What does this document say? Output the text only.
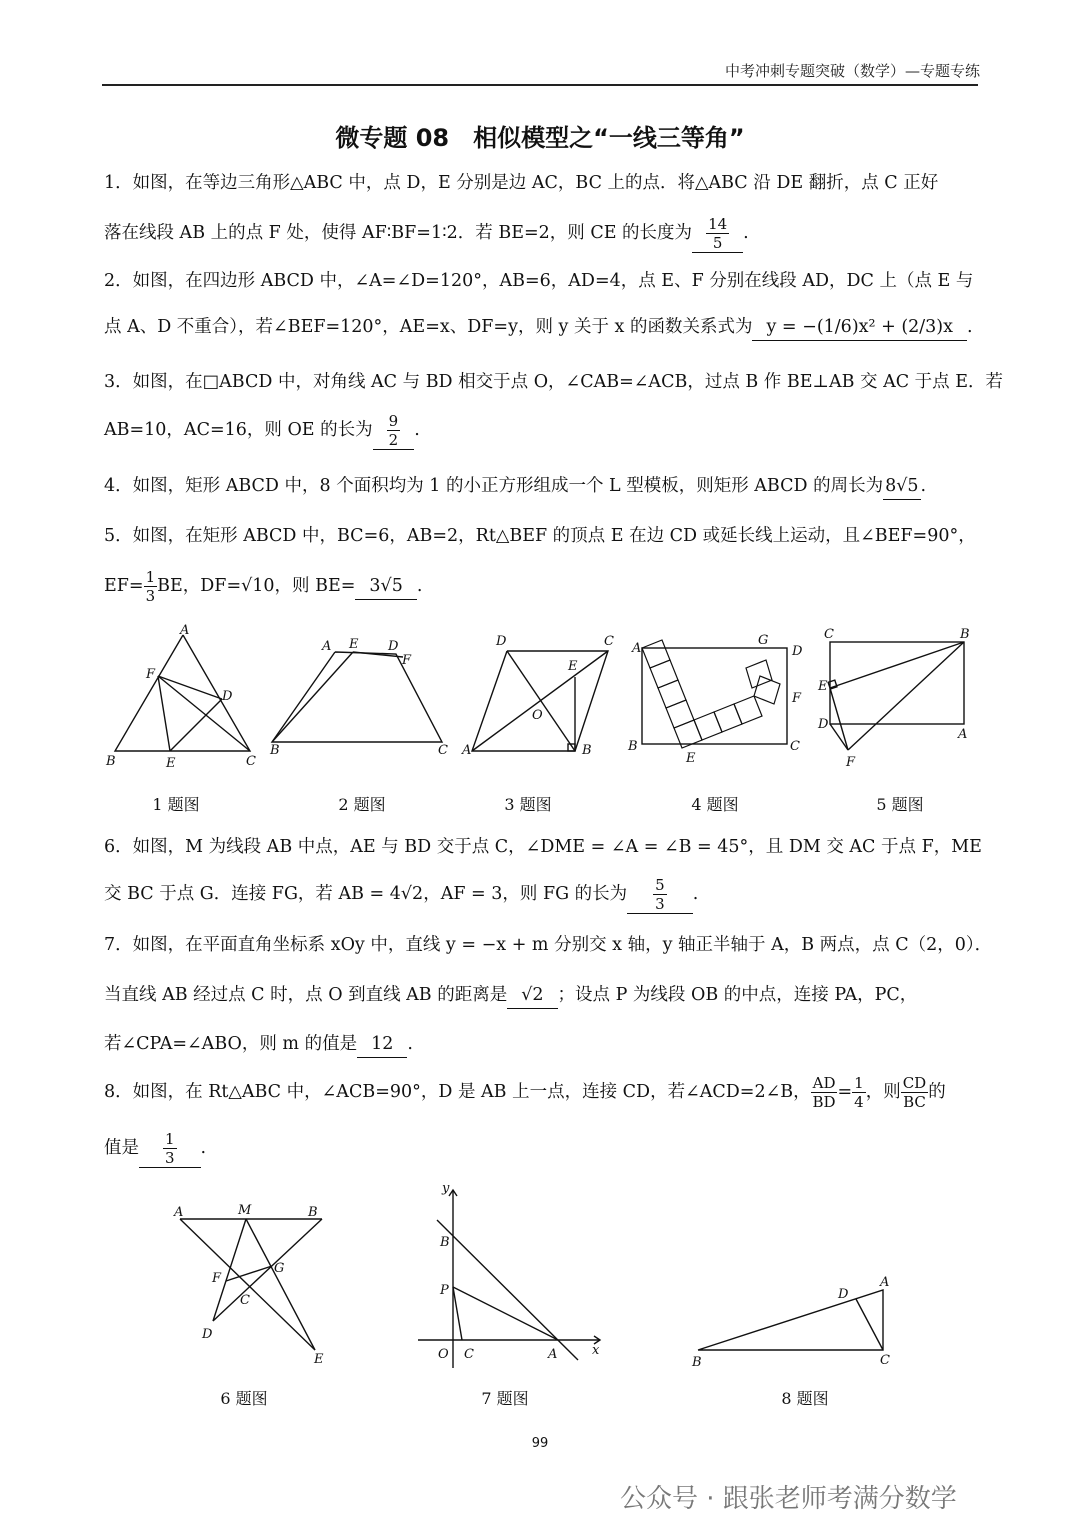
中考冲刺专题突破（数学）—专题专练
微专题 08　相似模型之“一线三等角”
1．如图，在等边三角形△ABC 中，点 D，E 分别是边 AC，BC 上的点．将△ABC 沿 DE 翻折，点 C 正好
落在线段 AB 上的点 F 处，使得 AF∶BF=1∶2．若 BE=2，则 CE 的长度为 $\frac{14}{5}$ .
2．如图，在四边形 ABCD 中，∠A=∠D=120°，AB=6，AD=4，点 E、F 分别在线段 AD，DC 上（点 E 与
点 A、D 不重合），若∠BEF=120°，AE=x、DF=y，则 y 关于 x 的函数关系式为 y = −(1/6)x² + (2/3)x .
3．如图，在□ABCD 中，对角线 AC 与 BD 相交于点 O，∠CAB=∠ACB，过点 B 作 BE⊥AB 交 AC 于点 E．若
AB=10，AC=16，则 OE 的长为 $\frac{9}{2}$ .
4．如图，矩形 ABCD 中，8 个面积均为 1 的小正方形组成一个 L 型模板，则矩形 ABCD 的周长为 8√5 .
5．如图，在矩形 ABCD 中，BC=6，AB=2，Rt△BEF 的顶点 E 在边 CD 或延长线上运动，且∠BEF=90°，
$EF= \frac{1}{3}$ BE，DF=√10，则 BE= 3√5 .
A
F
D
B	E	C
A E D
F
B	C
D	C
E
O
A	B
A
G
D
F
B
E
C
C	B
E
D
A
F
1 题图	2 题图	3 题图	4 题图	5 题图
6．如图，M 为线段 AB 中点，AE 与 BD 交于点 C，∠DME = ∠A = ∠B = 45°，且 DM 交 AC 于点 F，ME
交 BC 于点 G．连接 FG，若 AB = 4√2，AF = 3，则 FG 的长为 $\frac{5}{3}$ .
7．如图，在平面直角坐标系 xOy 中，直线 y = −x + m 分别交 x 轴，y 轴正半轴于 A，B 两点，点 C（2，0）．
当直线 AB 经过点 C 时，点 O 到直线 AB 的距离是 √2 ；设点 P 为线段 OB 的中点，连接 PA，PC，
若∠CPA=∠ABO，则 m 的值是 12 .
8．如图，在 Rt△ABC 中，∠ACB=90°，D 是 AB 上一点，连接 CD，若∠ACD=2∠B， $\frac{AD}{BD} = \frac{1}{4}$ ，则 $\frac{CD}{BC}$ 的
值是 $\frac{1}{3}$ .
A	M	B
F
G
C
D
E
y
B
P
O C	A	x
A
D
B	C
6 题图	7 题图	8 题图
99
公众号 · 跟张老师考满分数学
